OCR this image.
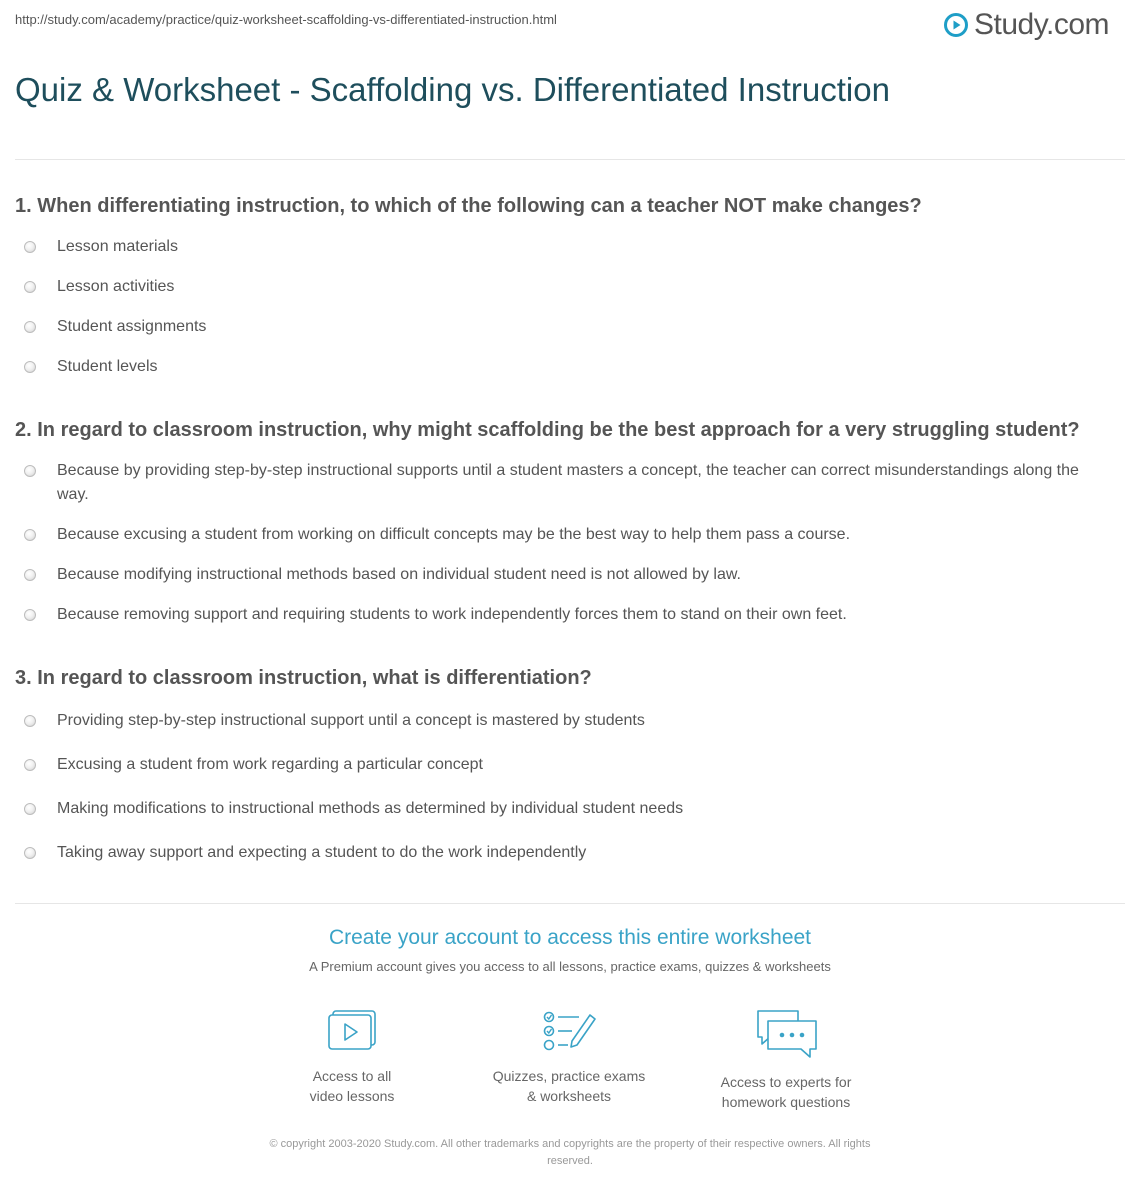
http://study.com/academy/practice/quiz-worksheet-scaffolding-vs-differentiated-instruction.html	Study.com
Quiz & Worksheet - Scaffolding vs. Differentiated Instruction

1. When differentiating instruction, to which of the following can a teacher NOT make changes?

Lesson materials
Lesson activities
Student assignments
Student levels

2. In regard to classroom instruction, why might scaffolding be the best approach for a very struggling student?

Because by providing step-by-step instructional supports until a student masters a concept, the teacher can correct misunderstandings along the way.
Because excusing a student from working on difficult concepts may be the best way to help them pass a course.
Because modifying instructional methods based on individual student need is not allowed by law.
Because removing support and requiring students to work independently forces them to stand on their own feet.

3. In regard to classroom instruction, what is differentiation?

Providing step-by-step instructional support until a concept is mastered by students
Excusing a student from work regarding a particular concept
Making modifications to instructional methods as determined by individual student needs
Taking away support and expecting a student to do the work independently

Create your account to access this entire worksheet

A Premium account gives you access to all lessons, practice exams, quizzes & worksheets
Access to all
video lessons
Quizzes, practice exams
& worksheets
Access to experts for
homework questions
© copyright 2003-2020 Study.com. All other trademarks and copyrights are the property of their respective owners. All rights
reserved.
